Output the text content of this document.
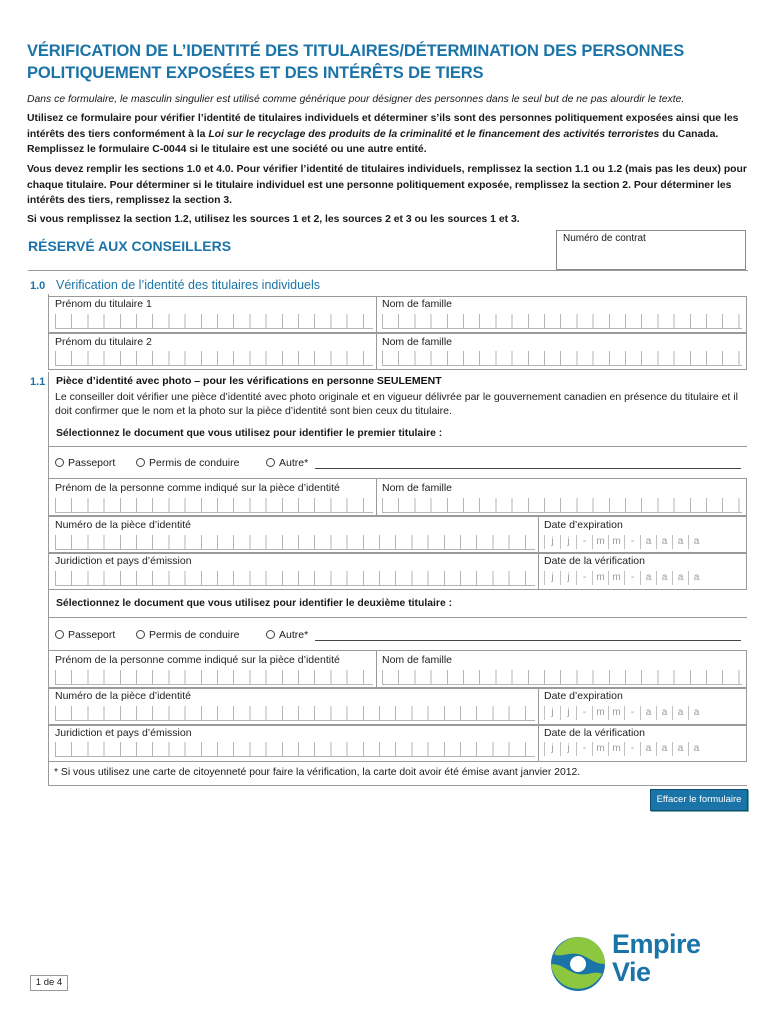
VÉRIFICATION DE L’IDENTITÉ DES TITULAIRES/DÉTERMINATION DES PERSONNES POLITIQUEMENT EXPOSÉES ET DES INTÉRÊTS DE TIERS
Dans ce formulaire, le masculin singulier est utilisé comme générique pour désigner des personnes dans le seul but de ne pas alourdir le texte.
Utilisez ce formulaire pour vérifier l’identité de titulaires individuels et déterminer s’ils sont des personnes politiquement exposées ainsi que les intérêts des tiers conformément à la Loi sur le recyclage des produits de la criminalité et le financement des activités terroristes du Canada. Remplissez le formulaire C-0044 si le titulaire est une société ou une autre entité.
Vous devez remplir les sections 1.0 et 4.0. Pour vérifier l’identité de titulaires individuels, remplissez la section 1.1 ou 1.2 (mais pas les deux) pour chaque titulaire. Pour déterminer si le titulaire individuel est une personne politiquement exposée, remplissez la section 2. Pour déterminer les intérêts des tiers, remplissez la section 3.
Si vous remplissez la section 1.2, utilisez les sources 1 et 2, les sources 2 et 3 ou les sources 1 et 3.
RÉSERVÉ AUX CONSEILLERS	Numéro de contrat
1.0 Vérification de l’identité des titulaires individuels
Prénom du titulaire 1	Nom de famille
Prénom du titulaire 2	Nom de famille
1.1 Pièce d’identité avec photo – pour les vérifications en personne SEULEMENT
Le conseiller doit vérifier une pièce d’identité avec photo originale et en vigueur délivrée par le gouvernement canadien en présence du titulaire et il doit confirmer que le nom et la photo sur la pièce d’identité sont bien ceux du titulaire.
Sélectionnez le document que vous utilisez pour identifier le premier titulaire :
Passeport	Permis de conduire	Autre*
Prénom de la personne comme indiqué sur la pièce d’identité	Nom de famille
Numéro de la pièce d’identité	Date d’expiration
j j - m m - a a a a
Juridiction et pays d’émission	Date de la vérification
j j - m m - a a a a
Sélectionnez le document que vous utilisez pour identifier le deuxième titulaire :
Passeport	Permis de conduire	Autre*
Prénom de la personne comme indiqué sur la pièce d’identité	Nom de famille
Numéro de la pièce d’identité	Date d’expiration
j j - m m - a a a a
Juridiction et pays d’émission	Date de la vérification
j j - m m - a a a a
* Si vous utilisez une carte de citoyenneté pour faire la vérification, la carte doit avoir été émise avant janvier 2012.
Effacer le formulaire
1 de 4
Empire
Vie
